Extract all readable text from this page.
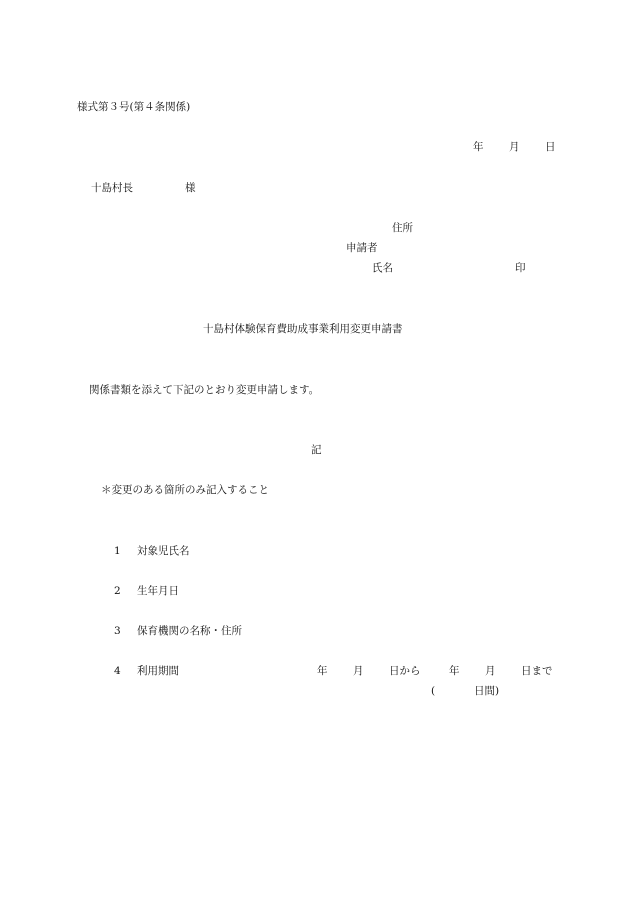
様式第３号(第４条関係)
年 月 日
十島村長	様
住所
申請者
氏名	印
十島村体験保育費助成事業利用変更申請書
関係書類を添えて下記のとおり変更申請します。
記
＊変更のある箇所のみ記入すること
1 対象児氏名
2 生年月日
3 保育機関の名称・住所
4 利用期間	年 月 日から	年 月 日まで
(	日間)
